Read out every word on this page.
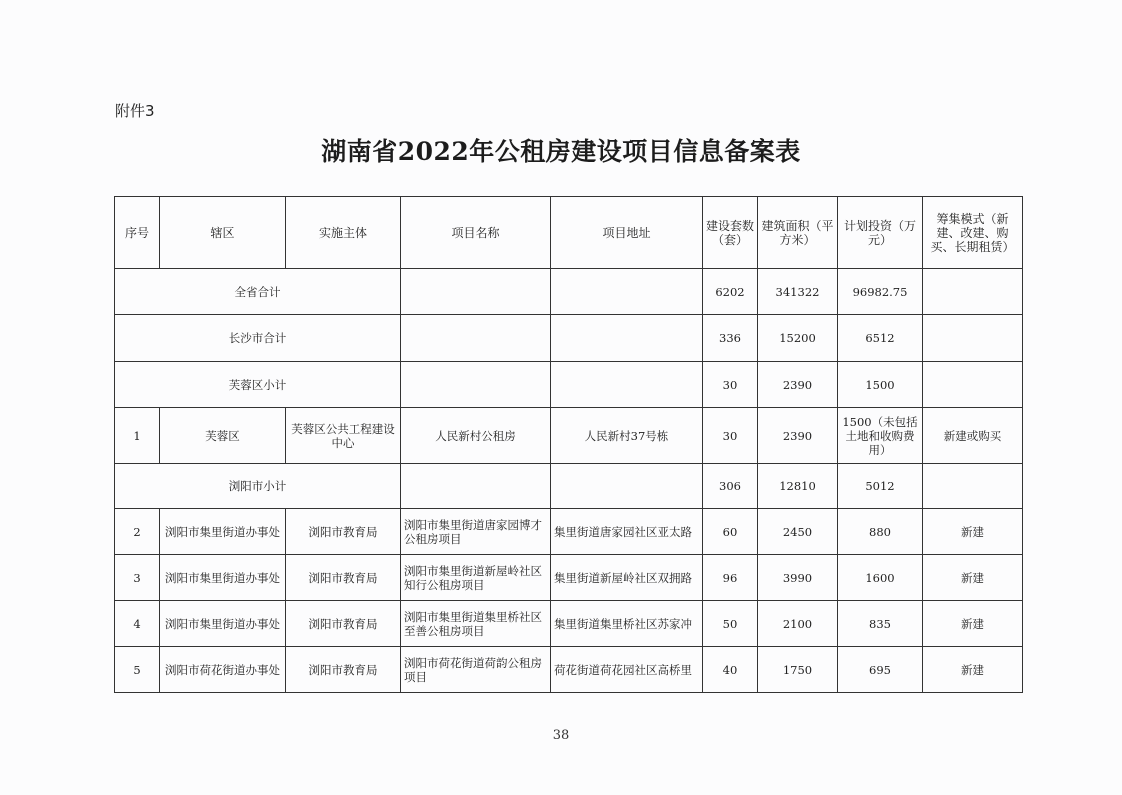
附件3
湖南省2022年公租房建设项目信息备案表
序号	辖区	实施主体	项目名称	项目地址	建设套数（套）	建筑面积（平方米）	计划投资（万元）	筹集模式（新建、改建、购买、长期租赁）
全省合计					6202	341322	96982.75	
长沙市合计					336	15200	6512	
芙蓉区小计					30	2390	1500	
1	芙蓉区	芙蓉区公共工程建设中心	人民新村公租房	人民新村37号栋	30	2390	1500（未包括土地和收购费用）	新建或购买
浏阳市小计					306	12810	5012	
2	浏阳市集里街道办事处	浏阳市教育局	浏阳市集里街道唐家园博才公租房项目	集里街道唐家园社区亚太路	60	2450	880	新建
3	浏阳市集里街道办事处	浏阳市教育局	浏阳市集里街道新屋岭社区知行公租房项目	集里街道新屋岭社区双拥路	96	3990	1600	新建
4	浏阳市集里街道办事处	浏阳市教育局	浏阳市集里街道集里桥社区至善公租房项目	集里街道集里桥社区苏家冲	50	2100	835	新建
5	浏阳市荷花街道办事处	浏阳市教育局	浏阳市荷花街道荷韵公租房项目	荷花街道荷花园社区高桥里	40	1750	695	新建
38
